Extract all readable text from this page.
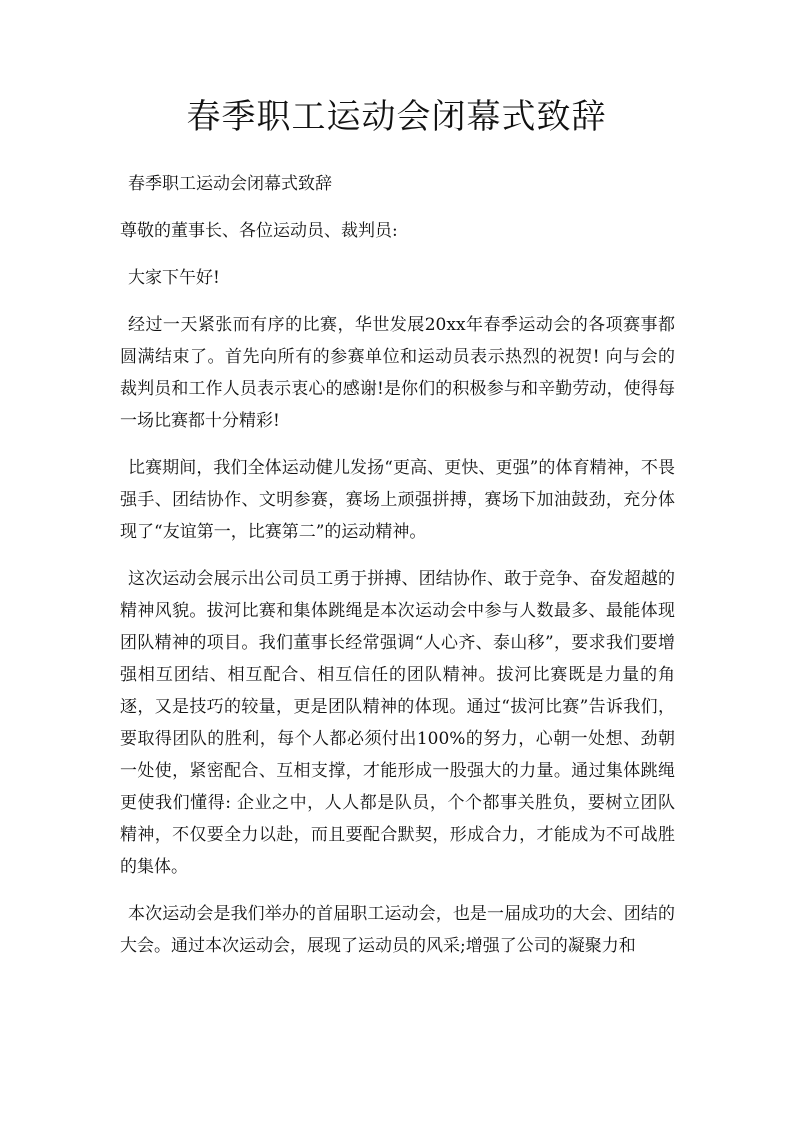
春季职工运动会闭幕式致辞

春季职工运动会闭幕式致辞

尊敬的董事长、各位运动员、裁判员:

大家下午好!

经过一天紧张而有序的比赛，华世发展20xx年春季运动会的各项赛事都圆满结束了。首先向所有的参赛单位和运动员表示热烈的祝贺! 向与会的裁判员和工作人员表示衷心的感谢!是你们的积极参与和辛勤劳动，使得每一场比赛都十分精彩!

比赛期间，我们全体运动健儿发扬“更高、更快、更强”的体育精神，不畏强手、团结协作、文明参赛，赛场上顽强拼搏，赛场下加油鼓劲，充分体现了“友谊第一，比赛第二”的运动精神。

这次运动会展示出公司员工勇于拼搏、团结协作、敢于竞争、奋发超越的精神风貌。拔河比赛和集体跳绳是本次运动会中参与人数最多、最能体现团队精神的项目。我们董事长经常强调“人心齐、泰山移”，要求我们要增强相互团结、相互配合、相互信任的团队精神。拔河比赛既是力量的角逐，又是技巧的较量，更是团队精神的体现。通过“拔河比赛”告诉我们，要取得团队的胜利，每个人都必须付出100%的努力，心朝一处想、劲朝一处使，紧密配合、互相支撑，才能形成一股强大的力量。通过集体跳绳更使我们懂得: 企业之中，人人都是队员，个个都事关胜负，要树立团队精神，不仅要全力以赴，而且要配合默契，形成合力，才能成为不可战胜的集体。

本次运动会是我们举办的首届职工运动会，也是一届成功的大会、团结的大会。通过本次运动会，展现了运动员的风采;增强了公司的凝聚力和
